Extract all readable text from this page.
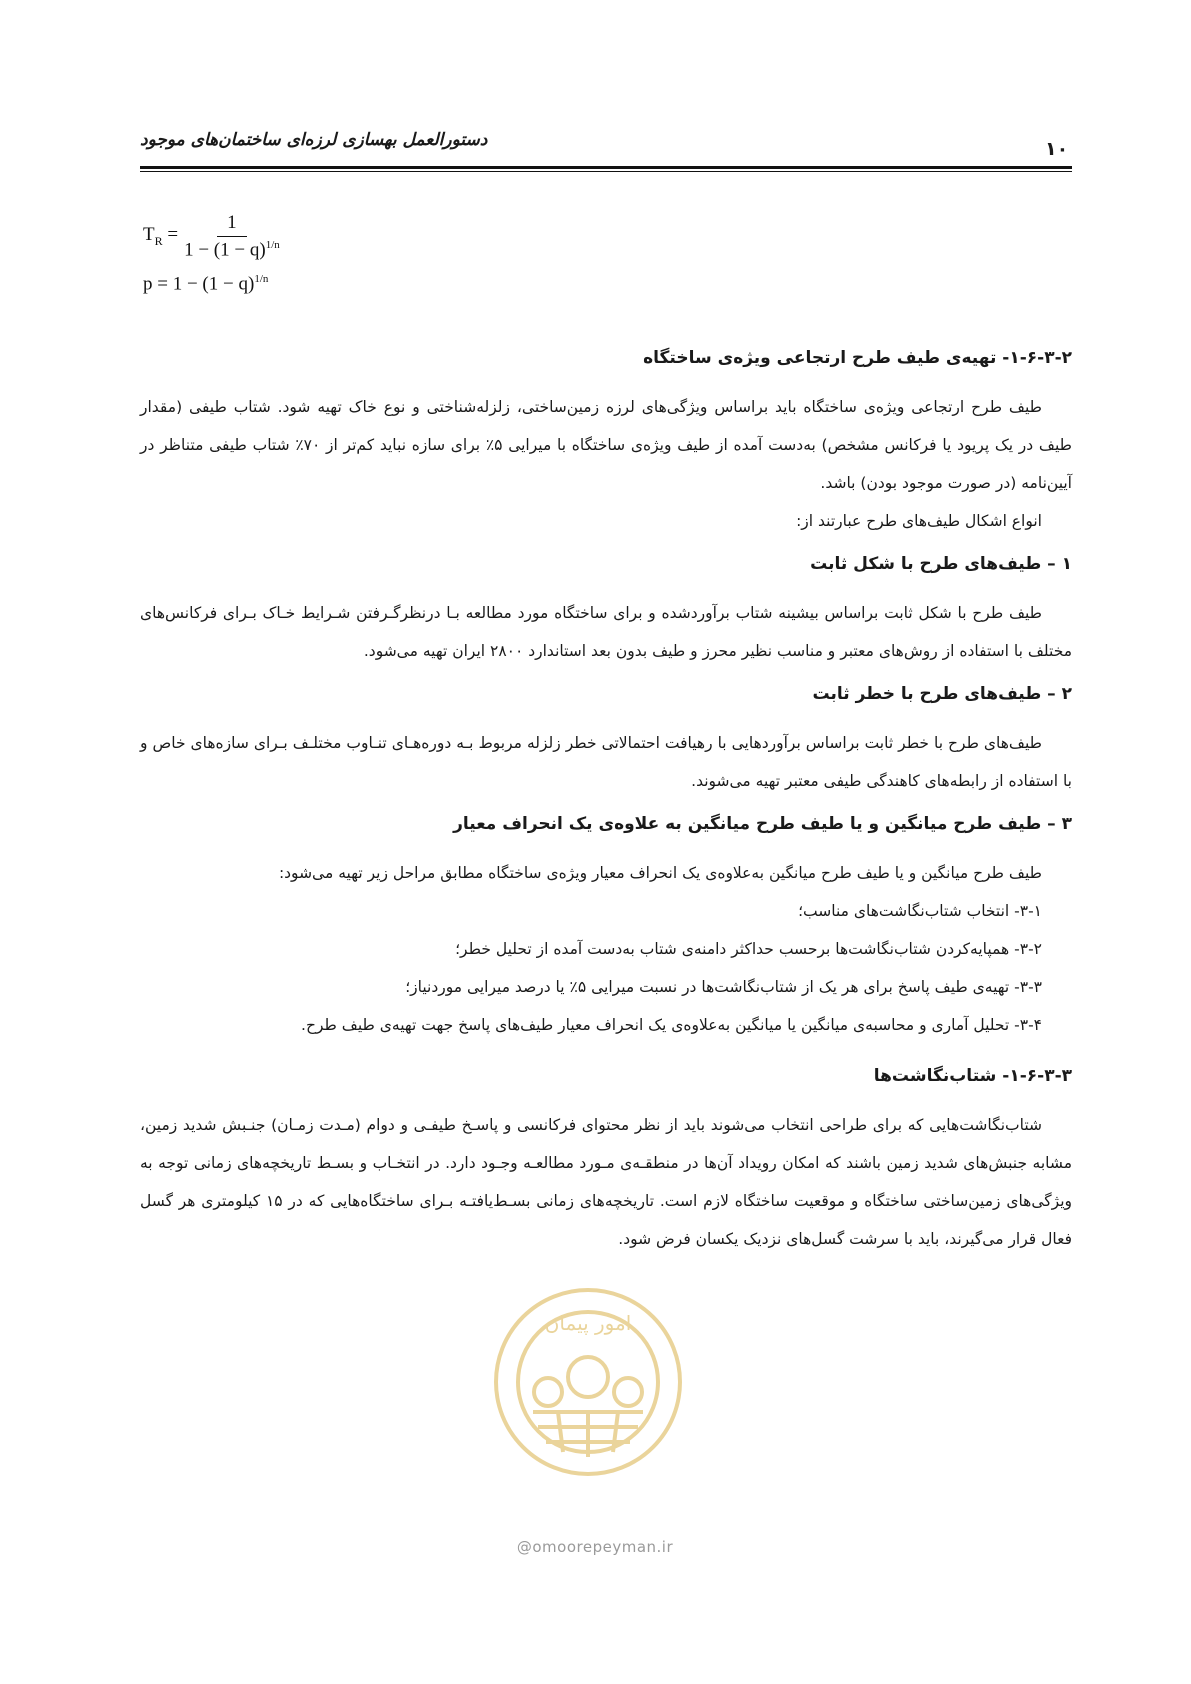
۱۰
دستورالعمل بهسازی لرزه‌ای ساختمان‌های موجود
$T_R = \frac{1}{1 - (1 - q)^{1/n}}$
$p = 1 - (1 - q)^{1/n}$
۱-۶-۳-۲- تهیه‌ی طیف طرح ارتجاعی ویژه‌ی ساختگاه

طیف طرح ارتجاعی ویژه‌ی ساختگاه باید براساس ویژگی‌های لرزه زمین‌ساختی، زلزله‌شناختی و نوع خاک تهیه شود. شتاب طیفی (مقدار طیف در یک پریود یا فرکانس مشخص) به‌دست آمده از طیف ویژه‌ی ساختگاه با میرایی ۵٪ برای سازه نباید کم‌تر از ۷۰٪ شتاب طیفی متناظر در آیین‌نامه (در صورت موجود بودن) باشد.

انواع اشکال طیف‌های طرح عبارتند از:

۱ – طیف‌های طرح با شکل ثابت

طیف طرح با شکل ثابت براساس بیشینه شتاب برآوردشده و برای ساختگاه مورد مطالعه بـا درنظرگـرفتن شـرایط خـاک بـرای فرکانس‌های مختلف با استفاده از روش‌های معتبر و مناسب نظیر محرز و طیف بدون بعد استاندارد ۲۸۰۰ ایران تهیه می‌شود.

۲ – طیف‌های طرح با خطر ثابت

طیف‌های طرح با خطر ثابت براساس برآوردهایی با رهیافت احتمالاتی خطر زلزله مربوط بـه دوره‌هـای تنـاوب مختلـف بـرای سازه‌های خاص و با استفاده از رابطه‌های کاهندگی طیفی معتبر تهیه می‌شوند.

۳ – طیف طرح میانگین و یا طیف طرح میانگین به علاوه‌ی یک انحراف معیار

طیف طرح میانگین و یا طیف طرح میانگین به‌علاوه‌ی یک انحراف معیار ویژه‌ی ساختگاه مطابق مراحل زیر تهیه می‌شود:

۳-۱- انتخاب شتاب‌نگاشت‌های مناسب؛

۳-۲- همپایه‌کردن شتاب‌نگاشت‌ها برحسب حداکثر دامنه‌ی شتاب به‌دست آمده از تحلیل خطر؛

۳-۳- تهیه‌ی طیف پاسخ برای هر یک از شتاب‌نگاشت‌ها در نسبت میرایی ۵٪ یا درصد میرایی موردنیاز؛

۳-۴- تحلیل آماری و محاسبه‌ی میانگین یا میانگین به‌علاوه‌ی یک انحراف معیار طیف‌های پاسخ جهت تهیه‌ی طیف طرح.

۱-۶-۳-۳- شتاب‌نگاشت‌ها

شتاب‌نگاشت‌هایی که برای طراحی انتخاب می‌شوند باید از نظر محتوای فرکانسی و پاسـخ طیفـی و دوام (مـدت زمـان) جنـبش شدید زمین، مشابه جنبش‌های شدید زمین باشند که امکان رویداد آن‌ها در منطقـه‌ی مـورد مطالعـه وجـود دارد. در انتخـاب و بسـط تاریخچه‌های زمانی توجه به ویژگی‌های زمین‌ساختی ساختگاه و موقعیت ساختگاه لازم است. تاریخچه‌های زمانی بسـط‌یافتـه بـرای ساختگاه‌هایی که در ۱۵ کیلومتری هر گسل فعال قرار می‌گیرند، باید با سرشت گسل‌های نزدیک یکسان فرض شود.

امور پیمان
@omoorepeyman.ir
